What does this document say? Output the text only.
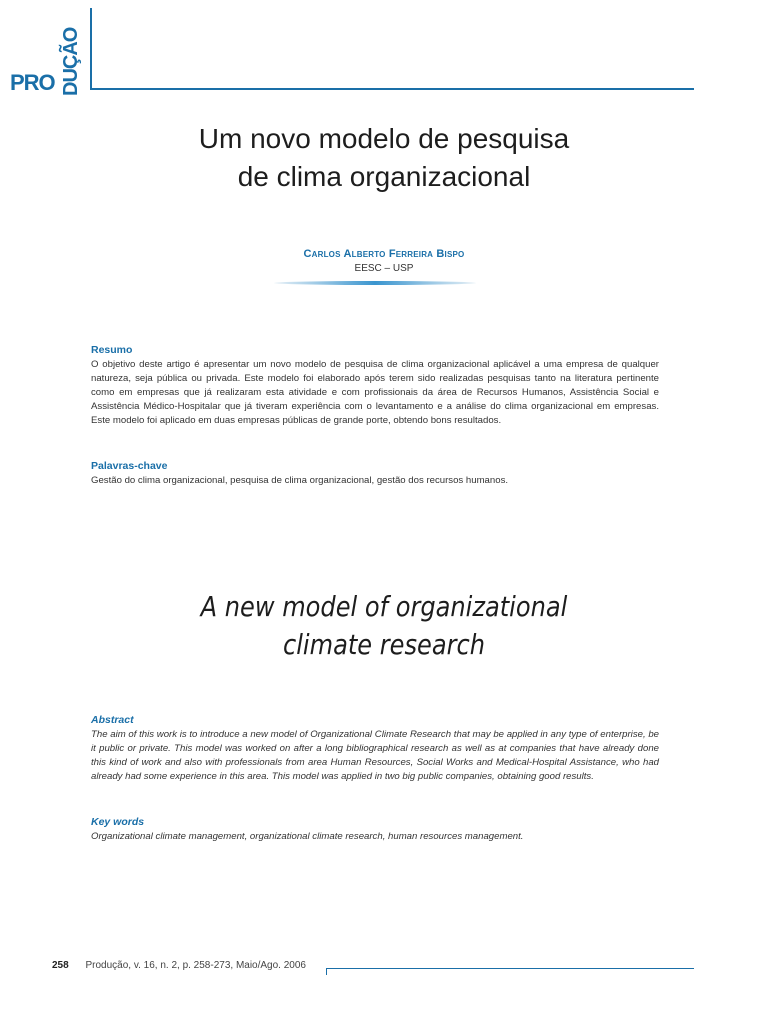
PRO DUÇÃO
Um novo modelo de pesquisa
de clima organizacional
Carlos Alberto Ferreira Bispo
EESC – USP
Resumo
O objetivo deste artigo é apresentar um novo modelo de pesquisa de clima organizacional aplicável a uma empresa de qualquer natureza, seja pública ou privada. Este modelo foi elaborado após terem sido realizadas pesquisas tanto na literatura pertinente como em empresas que já realizaram esta atividade e com profissionais da área de Recursos Humanos, Assistência Social e Assistência Médico-Hospitalar que já tiveram experiência com o levantamento e a análise do clima organizacional em empresas. Este modelo foi aplicado em duas empresas públicas de grande porte, obtendo bons resultados.
Palavras-chave
Gestão do clima organizacional, pesquisa de clima organizacional, gestão dos recursos humanos.
A new model of organizational
climate research
Abstract
The aim of this work is to introduce a new model of Organizational Climate Research that may be applied in any type of enterprise, be it public or private. This model was worked on after a long bibliographical research as well as at companies that have already done this kind of work and also with professionals from area Human Resources, Social Works and Medical-Hospital Assistance, who had already had some experience in this area. This model was applied in two big public companies, obtaining good results.
Key words
Organizational climate management, organizational climate research, human resources management.
258 Produção, v. 16, n. 2, p. 258-273, Maio/Ago. 2006
